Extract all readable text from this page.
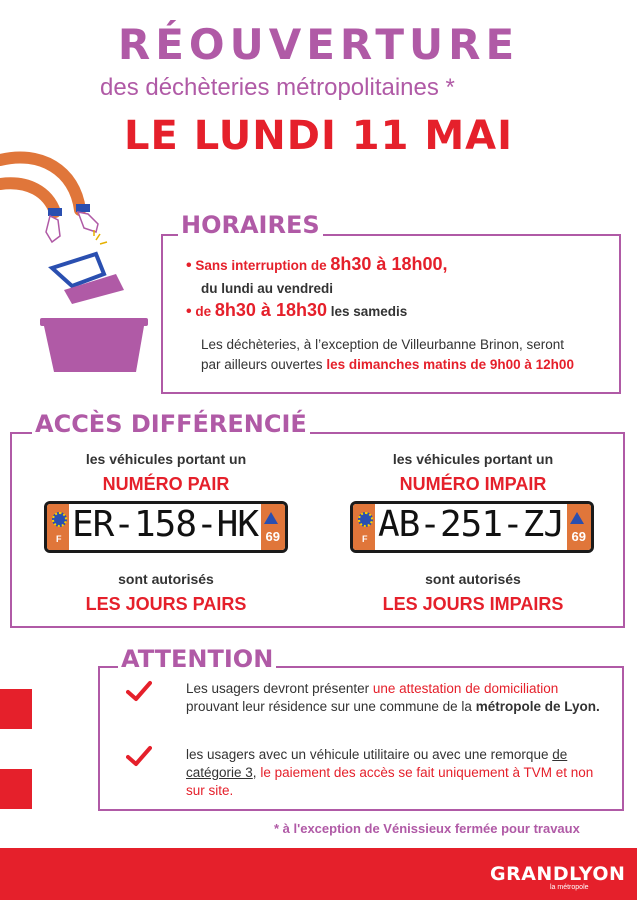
RÉOUVERTURE
des déchèteries métropolitaines *
LE LUNDI 11 MAI
HORAIRES
• Sans interruption de 8h30 à 18h00,
du lundi au vendredi
• de 8h30 à 18h30 les samedis
Les déchèteries, à l’exception de Villeurbanne Brinon, seront
par ailleurs ouvertes les dimanches matins de 9h00 à 12h00
ACCÈS DIFFÉRENCIÉ
les véhicules portant un
NUMÉRO PAIR
F ER-158-HK 69
sont autorisés
LES JOURS PAIRS
les véhicules portant un
NUMÉRO IMPAIR
F AB-251-ZJ 69
sont autorisés
LES JOURS IMPAIRS
ATTENTION
Les usagers devront présenter une attestation de domiciliation prouvant leur résidence sur une commune de la métropole de Lyon.
les usagers avec un véhicule utilitaire ou avec une remorque de catégorie 3, le paiement des accès se fait uniquement à TVM et non sur site.
* à l'exception de Vénissieux fermée pour travaux
GRANDLYON
la métropole
